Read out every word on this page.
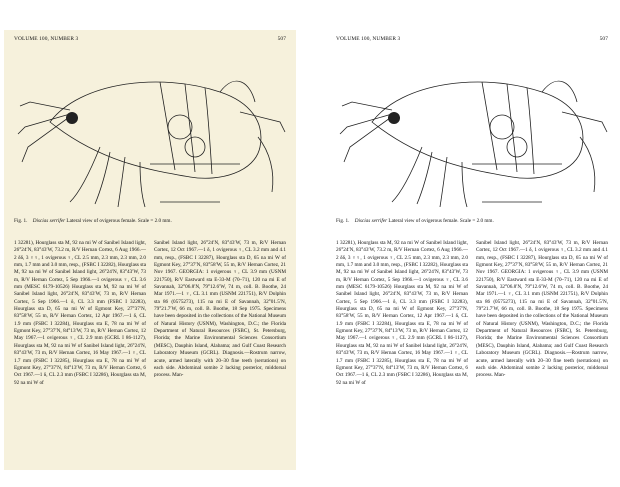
VOLUME 100, NUMBER 3	507
Fig. 1. Discias serrifer Lateral view of ovigerous female. Scale = 2.0 mm.

1 32281), Hourglass sta M, 92 na mi W of Sanibel Island light, 26°24′N, 83°43′W, 73.2 m, R/V Hernan Cortez, 6 Aug 1966.—2 δδ, 3 ♀♀, 1 ovigerous ♀, CL 2.5 mm, 2.3 mm, 2.3 mm, 2.0 mm, 1.7 mm and 3.0 mm, resp., (FSBC I 32282), Hourglass sta M, 92 na mi W of Sanibel Island light, 26°24′N, 83°43′W, 73 m, R/V Hernan Cortez, 5 Sep 1966.—1 ovigerous ♀, CL 3.6 mm (MESC 6179-10526) Hourglass sta M, 92 na mi W of Sanibel Island light, 26°24′N, 83°43′W, 73 m, R/V Hernan Cortez, 5 Sep 1966.—1 δ, CL 3.3 mm (FSBC I 32283), Hourglass sta D, 65 na mi W of Egmont Key, 27°37′N, 83°58′W, 55 m, R/V Hernan Cortez, 12 Apr 1967.—1 δ, CL 1.9 mm (FSBC I 32284), Hourglass sta E, 78 na mi W of Egmont Key, 27°37′N, 84°13′W, 73 m, R/V Hernan Cortez, 12 May 1967.—1 ovigerous ♀, CL 2.9 mm (GCRL I 86-1127), Hourglass sta M, 92 na mi W of Sanibel Island light, 26°24′N, 83°43′W, 73 m, R/V Hernan Cortez, 16 May 1967.—1 ♀, CL 1.7 mm (FSBC I 32285), Hourglass sta E, 78 na mi W of Egmont Key, 27°37′N, 84°13′W, 73 m, R/V Hernan Cortez, 6 Oct 1967.—1 δ, CL 2.3 mm (FSBC I 32286), Hourglass sta M, 92 na mi W of

Sanibel Island light, 26°24′N, 83°43′W, 73 m, R/V Hernan Cortez, 12 Oct 1967.—1 δ, 1 ovigerous ♀, CL 3.2 mm and 4.1 mm, resp., (FSBC I 32287), Hourglass sta D, 65 na mi W of Egmont Key, 27°37′N, 83°58′W, 55 m, R/V Hernan Cortez, 21 Nov 1967. GEORGIA: 1 ovigerous ♀, CL 3.9 mm (USNM 221750), R/V Eastward sta E-33-M (70–71), 120 na mi E of Savannah, 32°06.8′N, 79°12.6′W, 74 m, coll. B. Boothe, 24 Mar 1971.—1 ♀, CL 3.1 mm (USNM 221751), R/V Dolphin sta 86 (0575273), 115 na mi E of Savannah, 32°01.5′N, 79°21.7′W, 66 m, coll. B. Boothe, 18 Sep 1975. Specimens have been deposited in the collections of the National Museum of Natural History (USNM), Washington, D.C.; the Florida Department of Natural Resources (FSBC), St. Petersburg, Florida; the Marine Environmental Sciences Consortium (MESC), Dauphin Island, Alabama; and Gulf Coast Research Laboratory Museum (GCRL). Diagnosis.—Rostrum narrow, acute, armed laterally with 20–30 fine teeth (serrations) on each side. Abdominal somite 2 lacking posterior, middorsal process. Man-

VOLUME 100, NUMBER 3	507
Fig. 1. Discias serrifer Lateral view of ovigerous female. Scale = 2.0 mm.

1 32281), Hourglass sta M, 92 na mi W of Sanibel Island light, 26°24′N, 83°43′W, 73.2 m, R/V Hernan Cortez, 6 Aug 1966.—2 δδ, 3 ♀♀, 1 ovigerous ♀, CL 2.5 mm, 2.3 mm, 2.3 mm, 2.0 mm, 1.7 mm and 3.0 mm, resp., (FSBC I 32282), Hourglass sta M, 92 na mi W of Sanibel Island light, 26°24′N, 83°43′W, 73 m, R/V Hernan Cortez, 5 Sep 1966.—1 ovigerous ♀, CL 3.6 mm (MESC 6179-10526) Hourglass sta M, 92 na mi W of Sanibel Island light, 26°24′N, 83°43′W, 73 m, R/V Hernan Cortez, 5 Sep 1966.—1 δ, CL 3.3 mm (FSBC I 32283), Hourglass sta D, 65 na mi W of Egmont Key, 27°37′N, 83°58′W, 55 m, R/V Hernan Cortez, 12 Apr 1967.—1 δ, CL 1.9 mm (FSBC I 32284), Hourglass sta E, 78 na mi W of Egmont Key, 27°37′N, 84°13′W, 73 m, R/V Hernan Cortez, 12 May 1967.—1 ovigerous ♀, CL 2.9 mm (GCRL I 86-1127), Hourglass sta M, 92 na mi W of Sanibel Island light, 26°24′N, 83°43′W, 73 m, R/V Hernan Cortez, 16 May 1967.—1 ♀, CL 1.7 mm (FSBC I 32285), Hourglass sta E, 78 na mi W of Egmont Key, 27°37′N, 84°13′W, 73 m, R/V Hernan Cortez, 6 Oct 1967.—1 δ, CL 2.3 mm (FSBC I 32286), Hourglass sta M, 92 na mi W of

Sanibel Island light, 26°24′N, 83°43′W, 73 m, R/V Hernan Cortez, 12 Oct 1967.—1 δ, 1 ovigerous ♀, CL 3.2 mm and 4.1 mm, resp., (FSBC I 32287), Hourglass sta D, 65 na mi W of Egmont Key, 27°37′N, 83°58′W, 55 m, R/V Hernan Cortez, 21 Nov 1967. GEORGIA: 1 ovigerous ♀, CL 3.9 mm (USNM 221750), R/V Eastward sta E-33-M (70–71), 120 na mi E of Savannah, 32°06.8′N, 79°12.6′W, 74 m, coll. B. Boothe, 24 Mar 1971.—1 ♀, CL 3.1 mm (USNM 221751), R/V Dolphin sta 86 (0575273), 115 na mi E of Savannah, 32°01.5′N, 79°21.7′W, 66 m, coll. B. Boothe, 18 Sep 1975. Specimens have been deposited in the collections of the National Museum of Natural History (USNM), Washington, D.C.; the Florida Department of Natural Resources (FSBC), St. Petersburg, Florida; the Marine Environmental Sciences Consortium (MESC), Dauphin Island, Alabama; and Gulf Coast Research Laboratory Museum (GCRL). Diagnosis.—Rostrum narrow, acute, armed laterally with 20–30 fine teeth (serrations) on each side. Abdominal somite 2 lacking posterior, middorsal process. Man-
